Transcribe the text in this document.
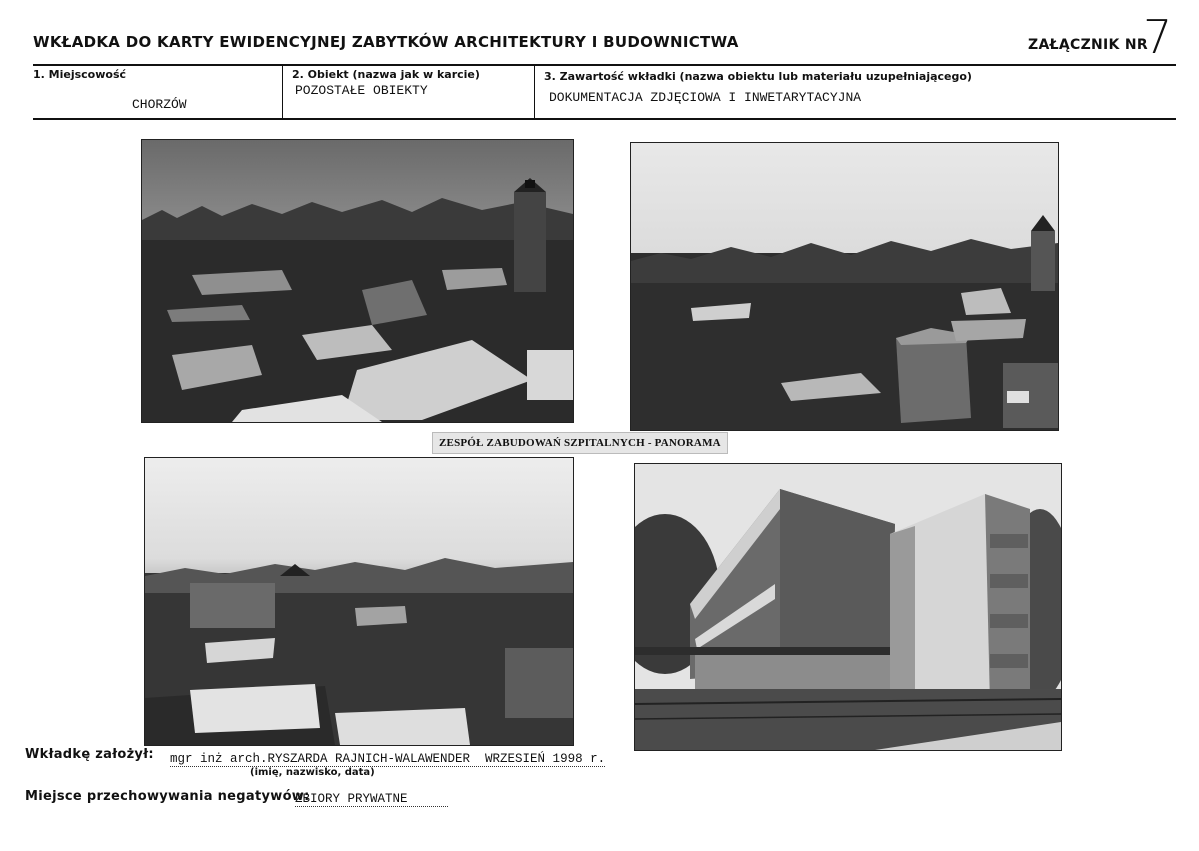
WKŁADKA DO KARTY EWIDENCYJNEJ ZABYTKÓW ARCHITEKTURY I BUDOWNICTWA	ZAŁĄCZNIK NR
7
1. Miejscowość
CHORZÓW
2. Obiekt (nazwa jak w karcie)
POZOSTAŁE OBIEKTY
3. Zawartość wkładki (nazwa obiektu lub materiału uzupełniającego)
DOKUMENTACJA ZDJĘCIOWA I INWETARYTACYJNA
ZESPÓŁ ZABUDOWAŃ SZPITALNYCH - PANORAMA
Wkładkę założył: mgr inż arch.RYSZARDA RAJNICH-WALAWENDER  WRZESIEŃ 1998 r.
(imię, nazwisko, data)
Miejsce przechowywania negatywów:
ZBIORY PRYWATNE
